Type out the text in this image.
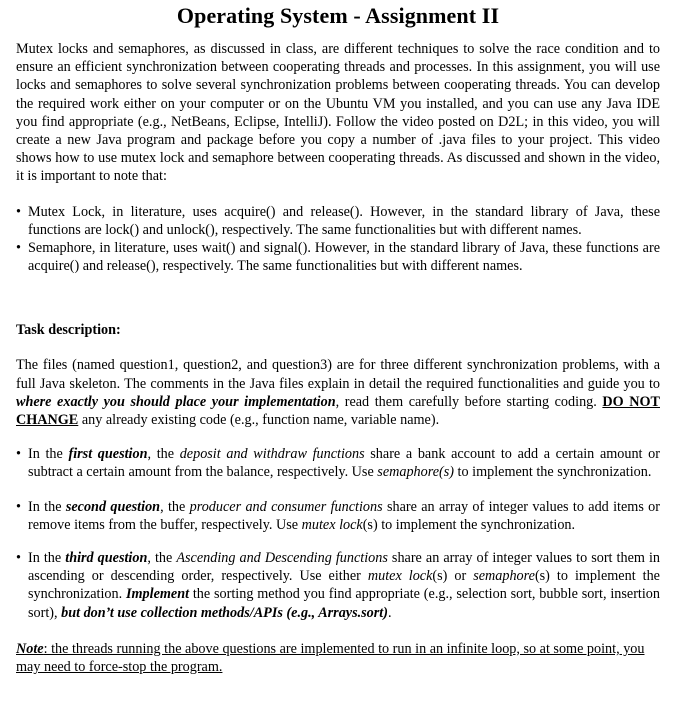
Operating System - Assignment II

Mutex locks and semaphores, as discussed in class, are different techniques to solve the race condition and to ensure an efficient synchronization between cooperating threads and processes. In this assignment, you will use locks and semaphores to solve several synchronization problems between cooperating threads. You can develop the required work either on your computer or on the Ubuntu VM you installed, and you can use any Java IDE you find appropriate (e.g., NetBeans, Eclipse, IntelliJ). Follow the video posted on D2L; in this video, you will create a new Java program and package before you copy a number of .java files to your project. This video shows how to use mutex lock and semaphore between cooperating threads. As discussed and shown in the video, it is important to note that:

• Mutex Lock, in literature, uses acquire() and release(). However, in the standard library of Java, these functions are lock() and unlock(), respectively. The same functionalities but with different names.
• Semaphore, in literature, uses wait() and signal(). However, in the standard library of Java, these functions are acquire() and release(), respectively. The same functionalities but with different names.
Task description:

The files (named question1, question2, and question3) are for three different synchronization problems, with a full Java skeleton. The comments in the Java files explain in detail the required functionalities and guide you to where exactly you should place your implementation, read them carefully before starting coding. DO NOT CHANGE any already existing code (e.g., function name, variable name).

• In the first question, the deposit and withdraw functions share a bank account to add a certain amount or subtract a certain amount from the balance, respectively. Use semaphore(s) to implement the synchronization.
• In the second question, the producer and consumer functions share an array of integer values to add items or remove items from the buffer, respectively. Use mutex lock(s) to implement the synchronization.
• In the third question, the Ascending and Descending functions share an array of integer values to sort them in ascending or descending order, respectively. Use either mutex lock(s) or semaphore(s) to implement the synchronization. Implement the sorting method you find appropriate (e.g., selection sort, bubble sort, insertion sort), but don’t use collection methods/APIs (e.g., Arrays.sort).

Note: the threads running the above questions are implemented to run in an infinite loop, so at some point, you may need to force-stop the program.
